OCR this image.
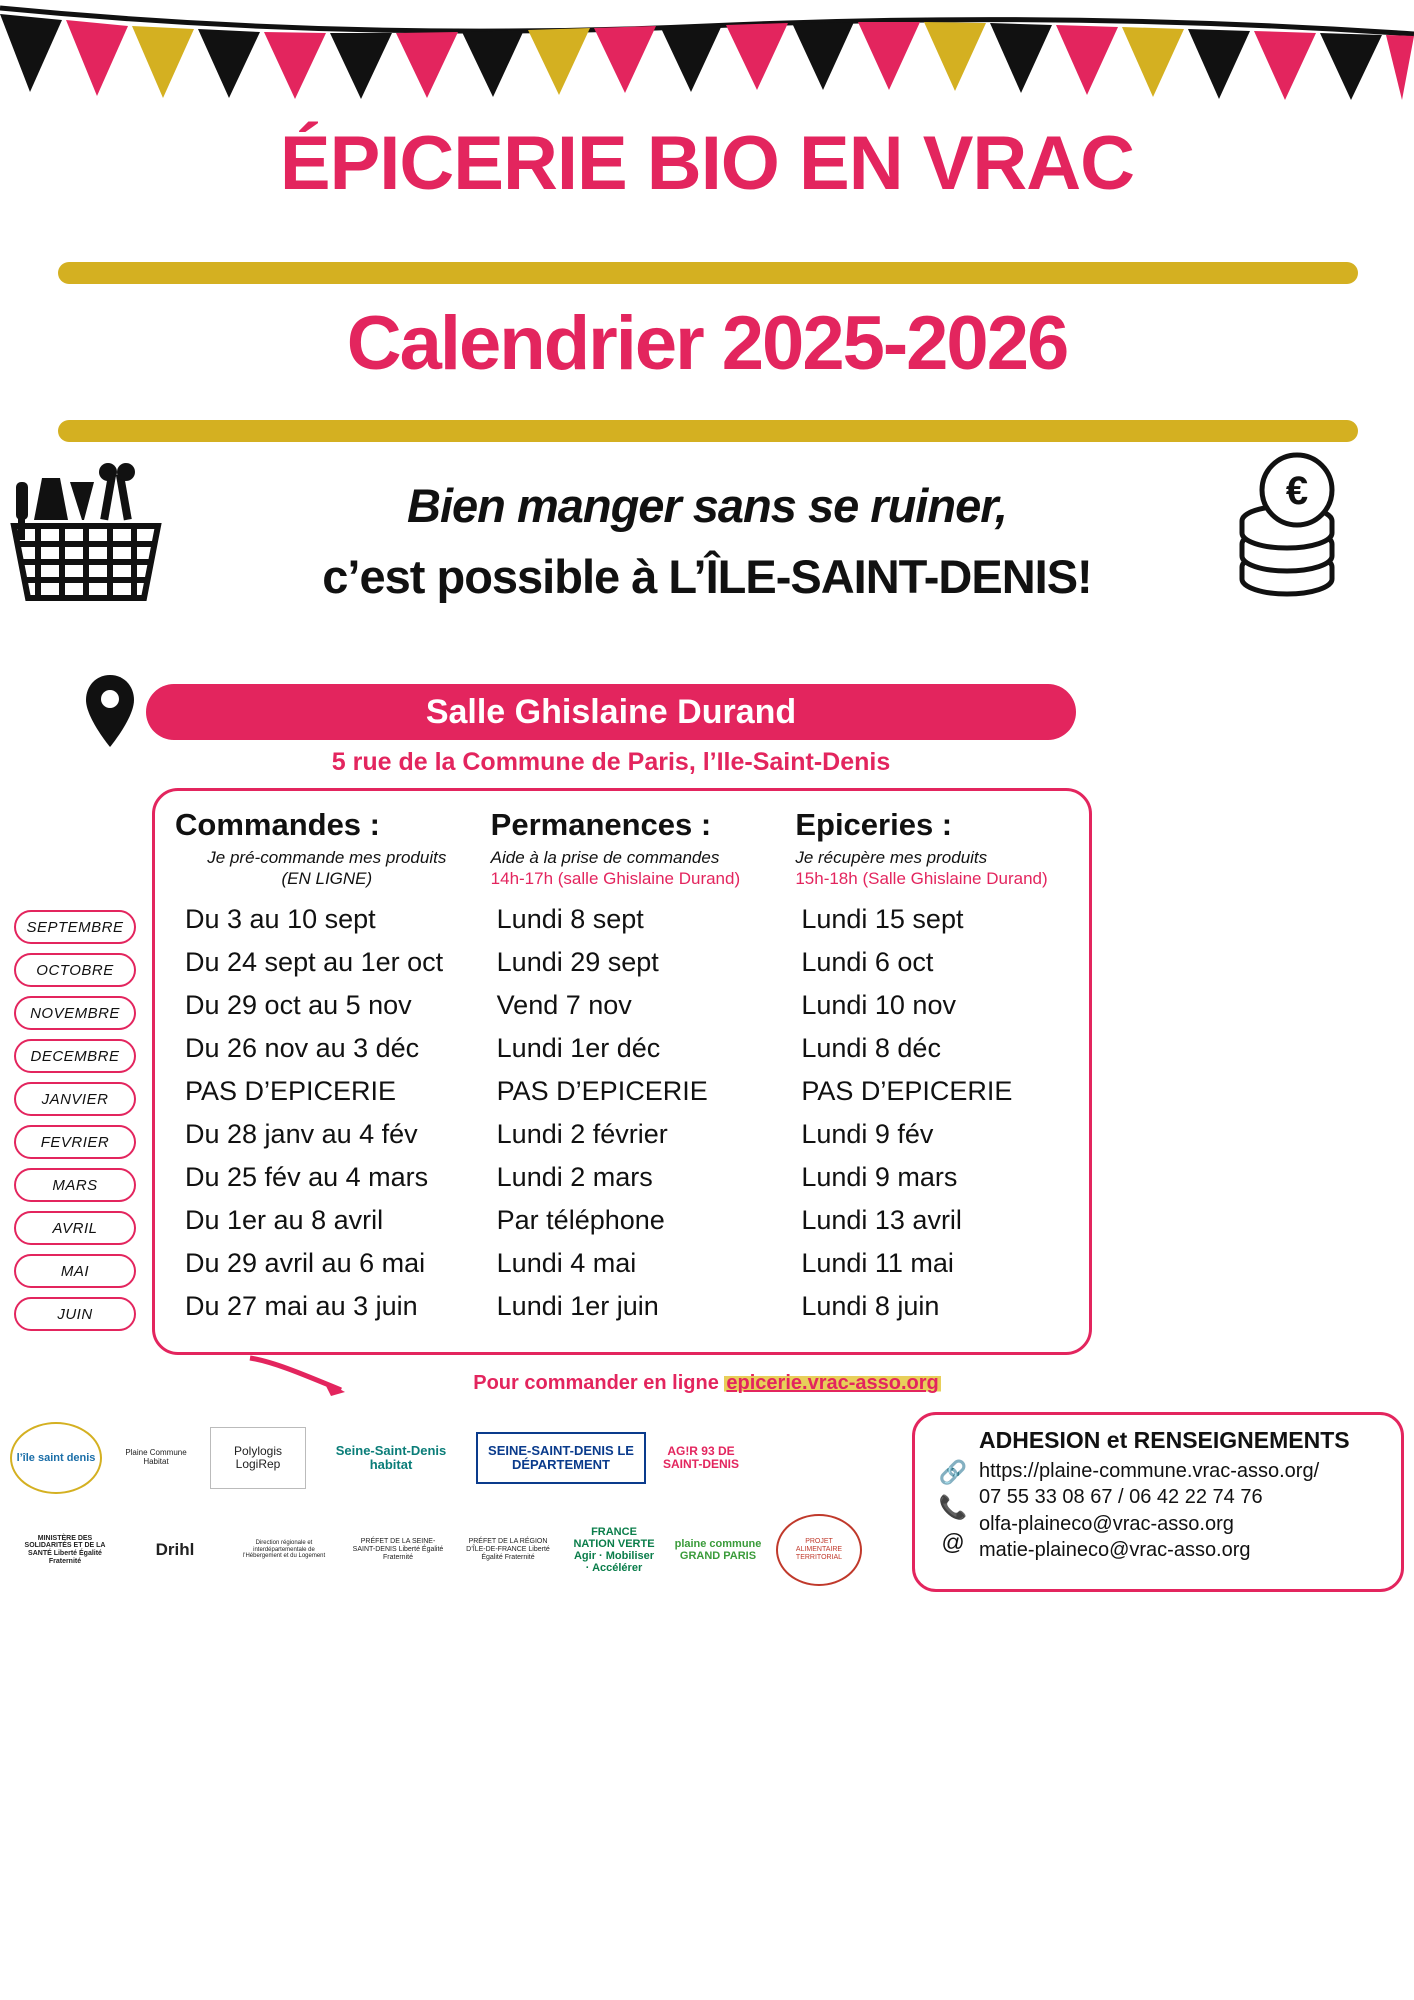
ÉPICERIE BIO EN VRAC
Calendrier 2025-2026
€
Bien manger sans se ruiner,
c’est possible à L’ÎLE-SAINT-DENIS!
Salle Ghislaine Durand
5 rue de la Commune de Paris, l’Ile-Saint-Denis
SEPTEMBRE
OCTOBRE
NOVEMBRE
DECEMBRE
JANVIER
FEVRIER
MARS
AVRIL
MAI
JUIN
Commandes :
Je pré-commande mes produits
(EN LIGNE)
Du 3 au 10 sept
Du 24 sept au 1er oct
Du 29 oct au 5 nov
Du 26 nov au 3 déc
PAS D’EPICERIE
Du 28 janv au 4 fév
Du 25 fév au 4 mars
Du 1er au 8 avril
Du 29 avril au 6 mai
Du 27 mai au 3 juin
Permanences :
Aide à la prise de commandes
14h-17h (salle Ghislaine Durand)
Lundi 8 sept
Lundi 29 sept
Vend 7 nov
Lundi 1er déc
PAS D’EPICERIE
Lundi 2 février
Lundi 2 mars
Par téléphone
Lundi 4 mai
Lundi 1er juin
Epiceries :
Je récupère mes produits
15h-18h (Salle Ghislaine Durand)
Lundi 15 sept
Lundi 6 oct
Lundi 10 nov
Lundi 8 déc
PAS D’EPICERIE
Lundi 9 fév
Lundi 9 mars
Lundi 13 avril
Lundi 11 mai
Lundi 8 juin
Pour commander en ligne epicerie.vrac-asso.org
ADHESION et RENSEIGNEMENTS
🔗
📞
@
https://plaine-commune.vrac-asso.org/
07 55 33 08 67 / 06 42 22 74 76
olfa-plaineco@vrac-asso.org
matie-plaineco@vrac-asso.org
l’île saint denis	Plaine Commune Habitat
Polylogis LogiRep
Seine-Saint-Denis habitat
SEINE-SAINT-DENIS LE DÉPARTEMENT
AG!R 93 DE SAINT-DENIS
MINISTÈRE DES SOLIDARITÉS ET DE LA SANTÉ Liberté Égalité Fraternité
Drihl	Direction régionale et interdépartementale de l’Hébergement et du Logement
PRÉFET DE LA SEINE-SAINT-DENIS Liberté Égalité Fraternité
PRÉFET DE LA RÉGION D’ÎLE-DE-FRANCE Liberté Égalité Fraternité
FRANCE NATION VERTE Agir · Mobiliser · Accélérer
plaine commune GRAND PARIS
PROJET ALIMENTAIRE TERRITORIAL
